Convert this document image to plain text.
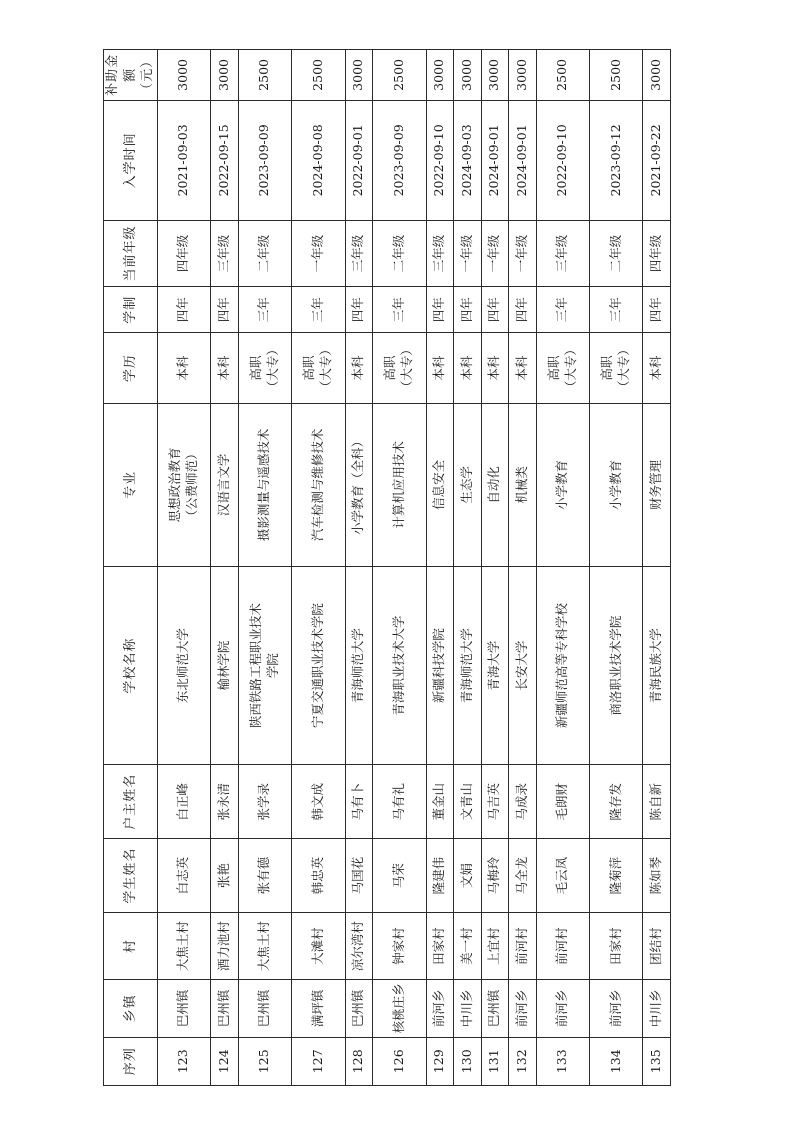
序列	乡镇	村	学生姓名	户主姓名	学校名称	专业	学历	学制	当前年级	入学时间	补助金额
（元）
123	巴州镇	大焦土村	白志英	白正峰	东北师范大学	思想政治教育
（公费师范）	本科	四年	四年级	2021-09-03	3000
124	巴州镇	酒力池村	张艳	张永清	榆林学院	汉语言文学	本科	四年	三年级	2022-09-15	3000
125	巴州镇	大焦土村	张有德	张学录	陕西铁路工程职业技术
学院	摄影测量与遥感技术	高职
（大专）	三年	二年级	2023-09-09	2500
127	满坪镇	大滩村	韩忠英	韩文成	宁夏交通职业技术学院	汽车检测与维修技术	高职
（大专）	三年	一年级	2024-09-08	2500
128	巴州镇	凉尔湾村	马国花	马有卜	青海师范大学	小学教育（全科）	本科	四年	三年级	2022-09-01	3000
126	核桃庄乡	钟家村	马荣	马有礼	青海职业技术大学	计算机应用技术	高职
（大专）	三年	二年级	2023-09-09	2500
129	前河乡	田家村	隆建伟	董金山	新疆科技学院	信息安全	本科	四年	三年级	2022-09-10	3000
130	中川乡	美一村	文娟	文青山	青海师范大学	生态学	本科	四年	一年级	2024-09-03	3000
131	巴州镇	上宜村	马梅玲	马吉英	青海大学	自动化	本科	四年	一年级	2024-09-01	3000
132	前河乡	前河村	马全龙	马成录	长安大学	机械类	本科	四年	一年级	2024-09-01	3000
133	前河乡	前河村	毛云凤	毛朗财	新疆师范高等专科学校	小学教育	高职
（大专）	三年	三年级	2022-09-10	2500
134	前河乡	田家村	隆菊萍	隆存发	商洛职业技术学院	小学教育	高职
（大专）	三年	二年级	2023-09-12	2500
135	中川乡	团结村	陈如琴	陈自新	青海民族大学	财务管理	本科	四年	四年级	2021-09-22	3000
